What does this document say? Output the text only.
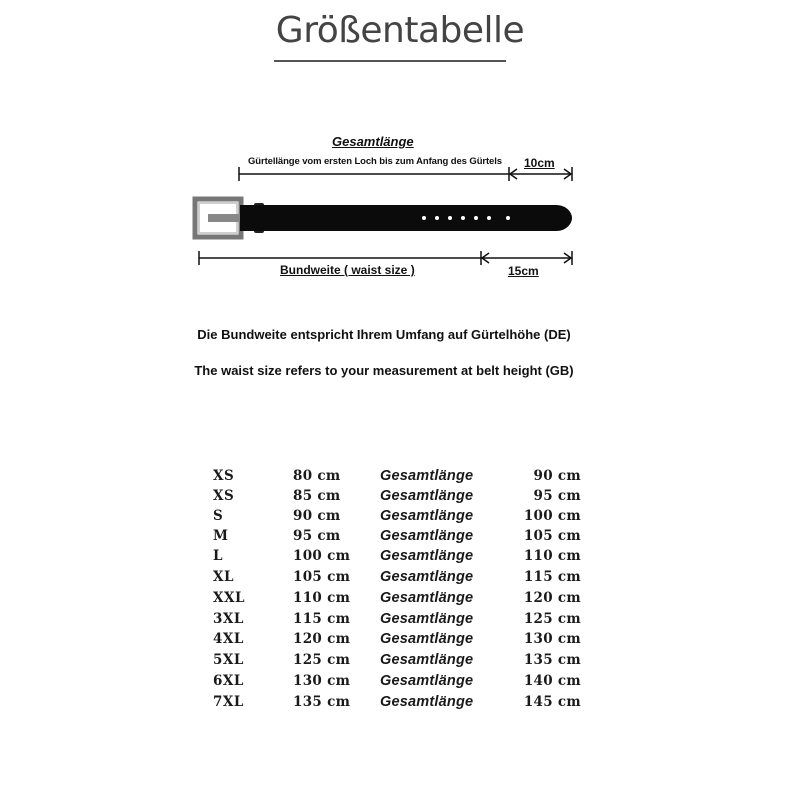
Größentabelle
Gesamtlänge
Gürtellänge vom ersten Loch bis zum Anfang des Gürtels 10cm
Bundweite ( waist size )	15cm
Die Bundweite entspricht Ihrem Umfang auf Gürtelhöhe (DE)
The waist size refers to your measurement at belt height (GB)
XS	80 cm	Gesamtlänge	90 cm
XS	85 cm	Gesamtlänge	95 cm
S	90 cm	Gesamtlänge	100 cm
M	95 cm	Gesamtlänge	105 cm
L	100 cm Gesamtlänge	110 cm
XL	105 cm Gesamtlänge	115 cm
XXL	110 cm Gesamtlänge	120 cm
3XL	115 cm Gesamtlänge	125 cm
4XL	120 cm Gesamtlänge	130 cm
5XL	125 cm Gesamtlänge	135 cm
6XL	130 cm Gesamtlänge	140 cm
7XL	135 cm Gesamtlänge	145 cm
